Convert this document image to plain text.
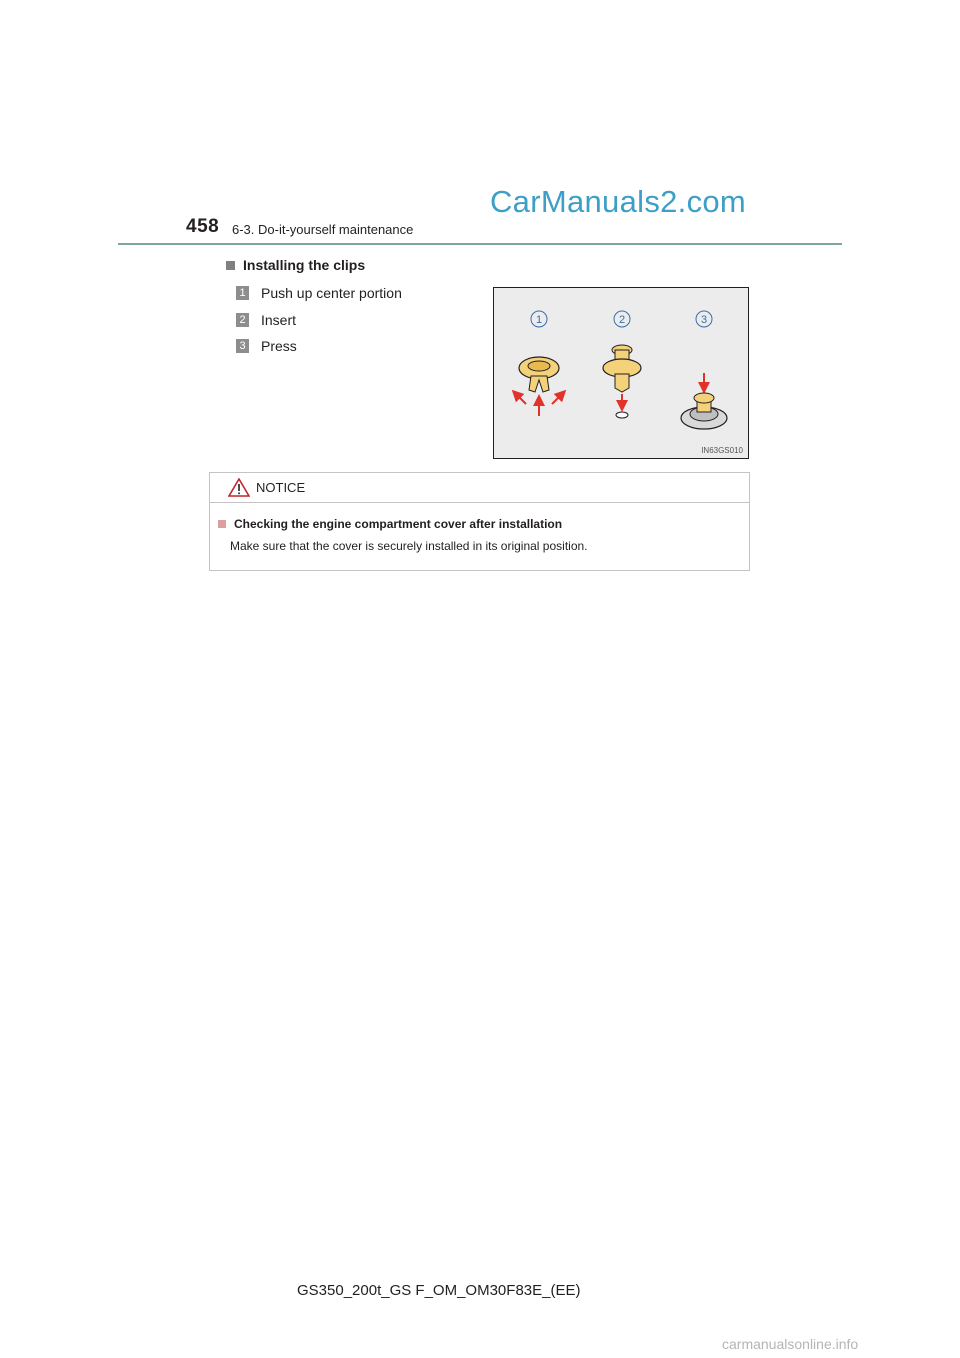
458 6-3. Do-it-yourself maintenance
CarManuals2.com
Installing the clips
1 Push up center portion
2 Insert
3 Press
1	2	3
IN63GS010
NOTICE
Checking the engine compartment cover after installation
Make sure that the cover is securely installed in its original position.
GS350_200t_GS F_OM_OM30F83E_(EE)
carmanualsonline.info
